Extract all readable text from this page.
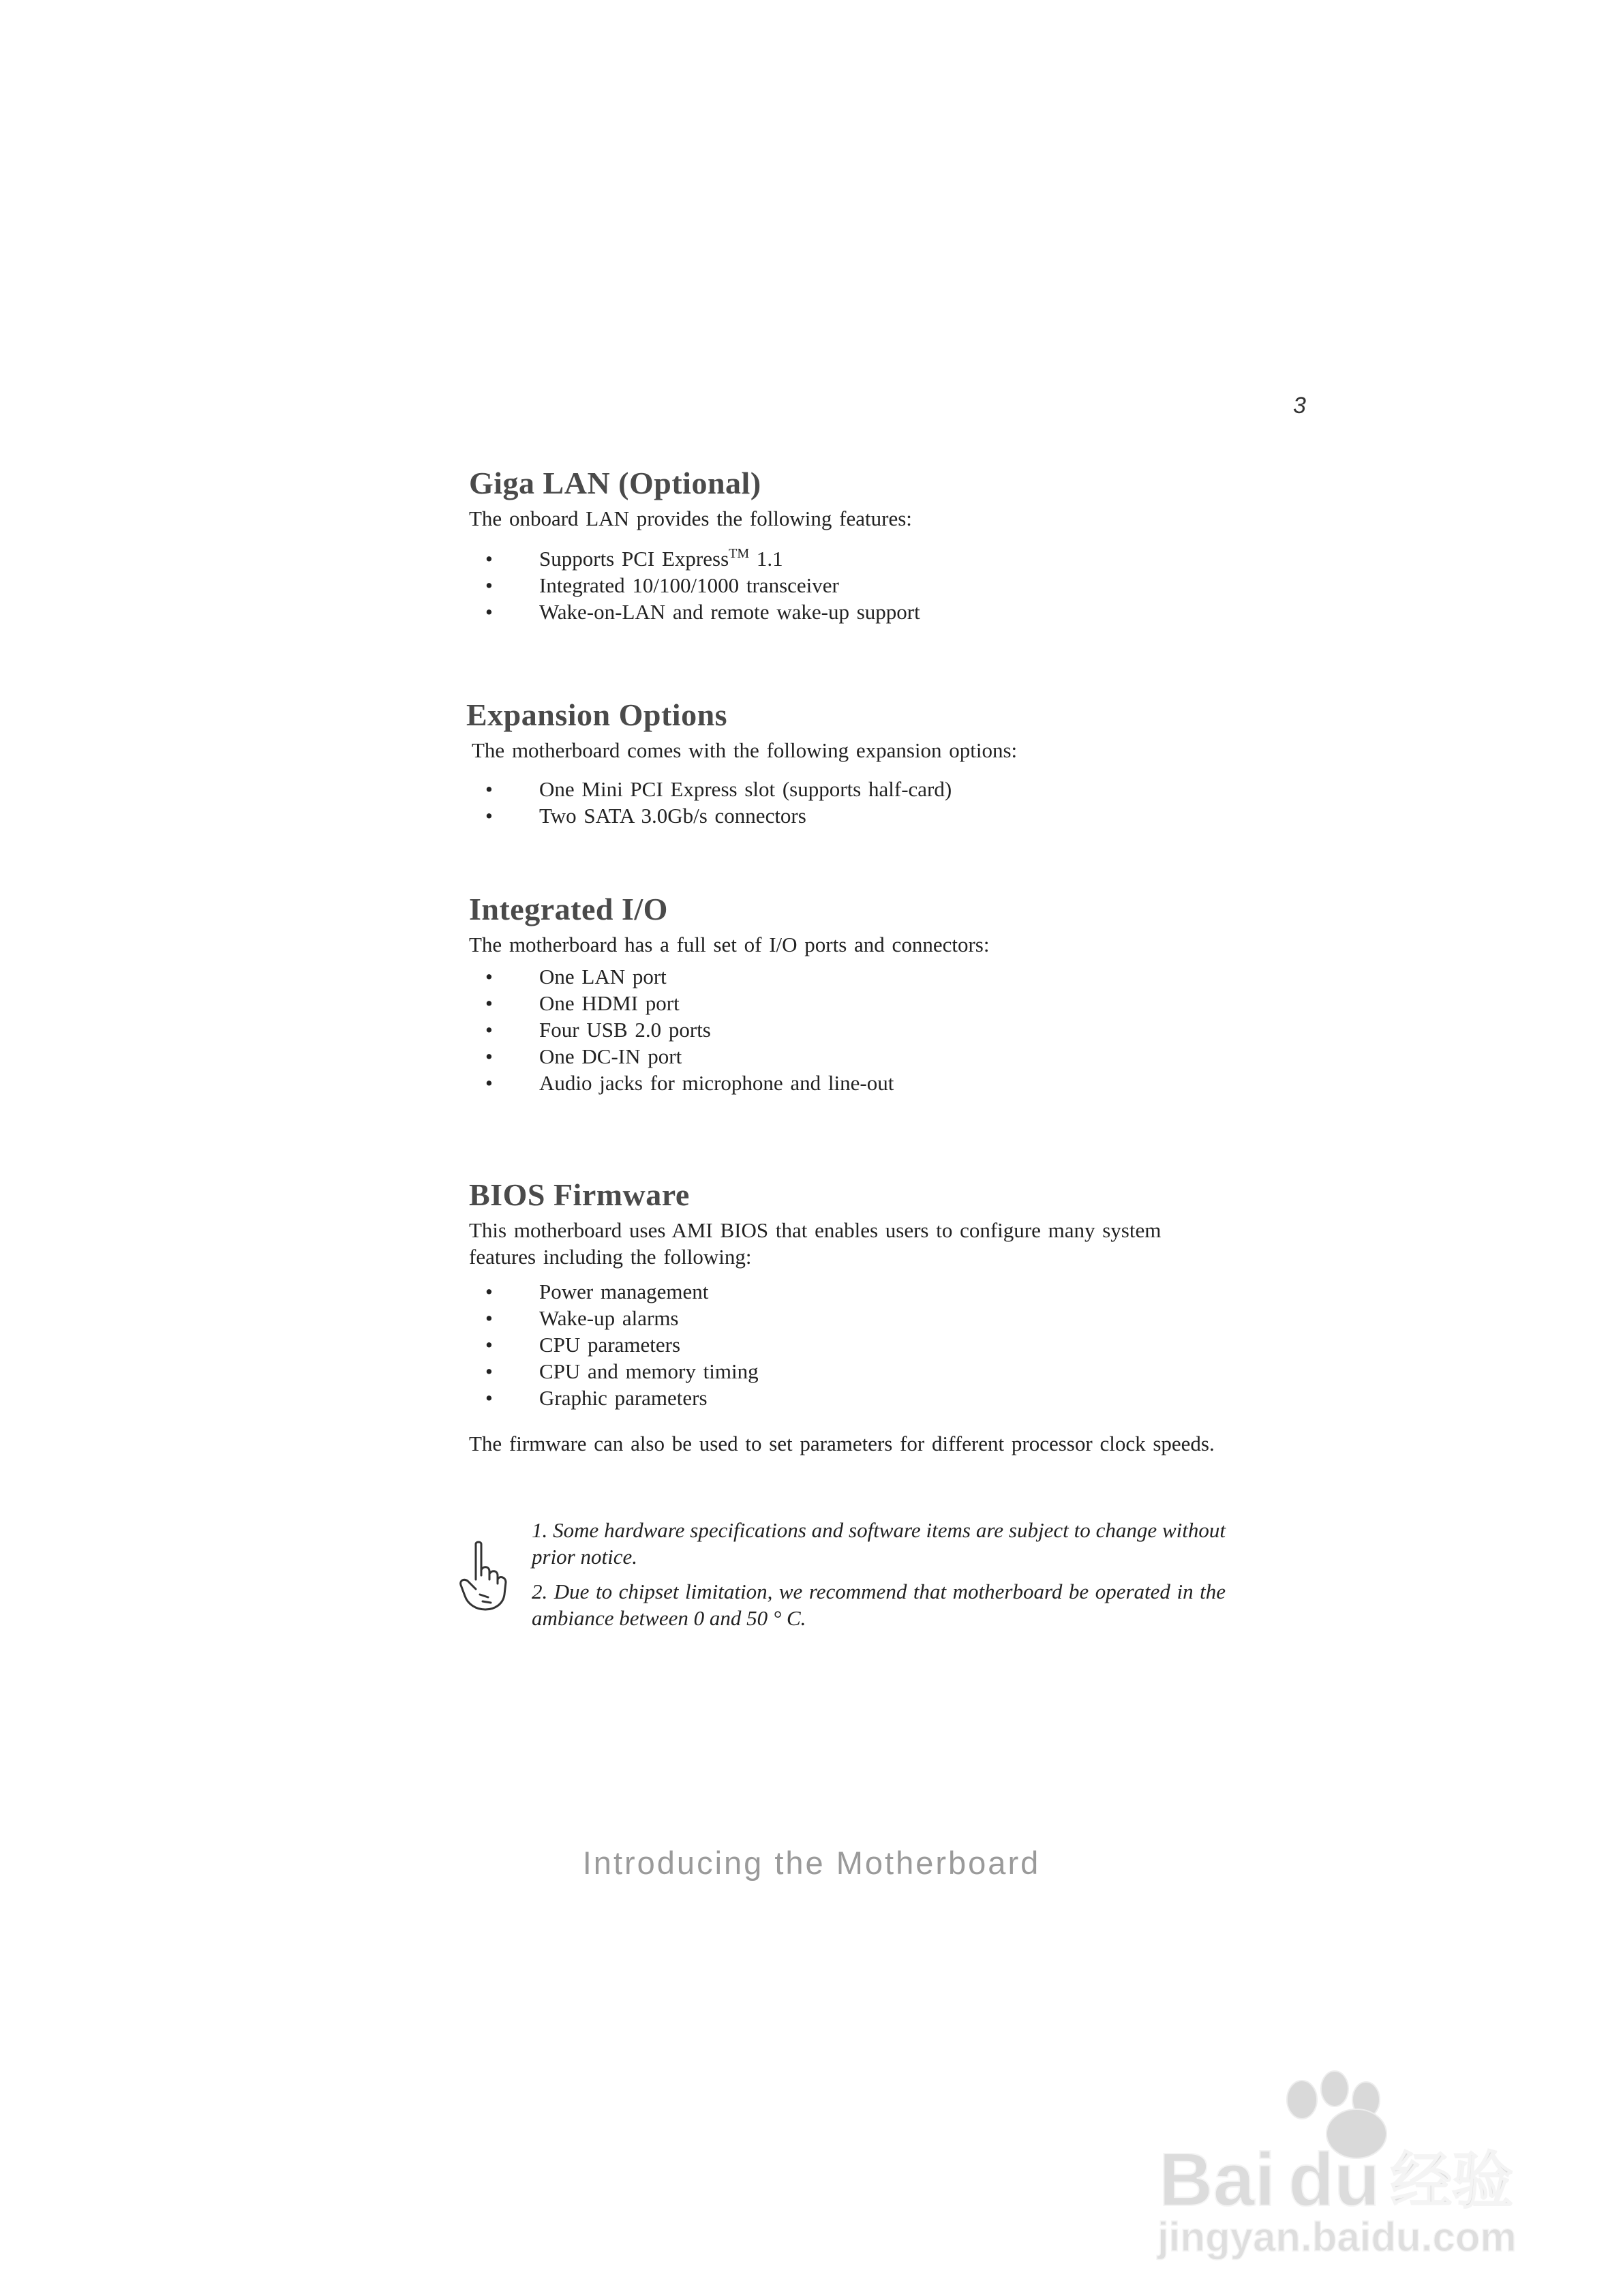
3
Giga LAN (Optional)

The onboard LAN provides the following features:

• Supports PCI Express™ 1.1
• Integrated 10/100/1000 transceiver
• Wake-on-LAN and remote wake-up support
Expansion Options

The motherboard comes with the following expansion options:

• One Mini PCI Express slot (supports half-card)
• Two SATA 3.0Gb/s connectors
Integrated I/O

The motherboard has a full set of I/O ports and connectors:

• One LAN port
• One HDMI port
• Four USB 2.0 ports
• One DC-IN port
• Audio jacks for microphone and line-out
BIOS Firmware

This motherboard uses AMI BIOS that enables users to configure many system features including the following:

• Power management
• Wake-up alarms
• CPU parameters
• CPU and memory timing
• Graphic parameters

The firmware can also be used to set parameters for different processor clock speeds.

1. Some hardware specifications and software items are subject to change without prior notice.

2. Due to chipset limitation, we recommend that motherboard be operated in the ambiance between 0 and 50 ° C.

Introducing the Motherboard
Bai du 经验
jingyan.baidu.com
